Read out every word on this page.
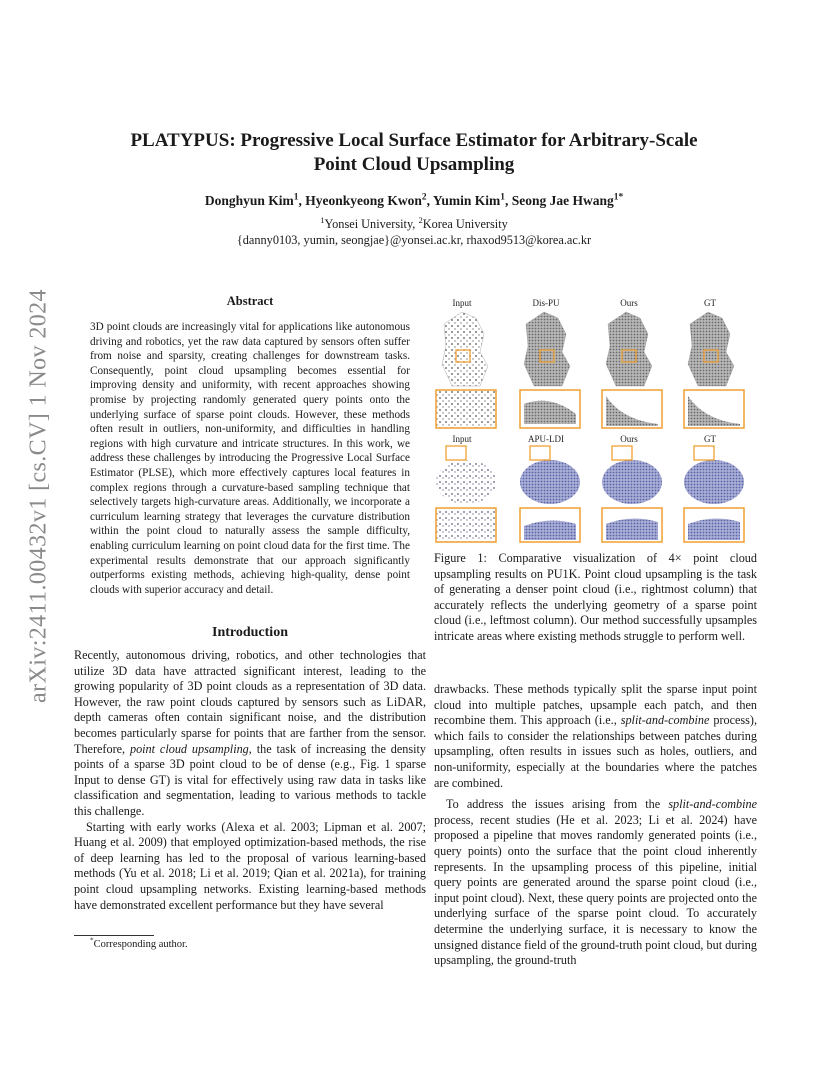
arXiv:2411.00432v1 [cs.CV] 1 Nov 2024
PLATYPUS: Progressive Local Surface Estimator for Arbitrary-Scale
Point Cloud Upsampling
Donghyun Kim$^1$, Hyeonkyeong Kwon$^2$, Yumin Kim$^1$, Seong Jae Hwang$^{1*}$
$^1$Yonsei University, $^2$Korea University
{danny0103, yumin, seongjae}@yonsei.ac.kr, rhaxod9513@korea.ac.kr
Abstract
3D point clouds are increasingly vital for applications like autonomous driving and robotics, yet the raw data captured by sensors often suffer from noise and sparsity, creating challenges for downstream tasks. Consequently, point cloud upsampling becomes essential for improving density and uniformity, with recent approaches showing promise by projecting randomly generated query points onto the underlying surface of sparse point clouds. However, these methods often result in outliers, non-uniformity, and difficulties in handling regions with high curvature and intricate structures. In this work, we address these challenges by introducing the Progressive Local Surface Estimator (PLSE), which more effectively captures local features in complex regions through a curvature-based sampling technique that selectively targets high-curvature areas. Additionally, we incorporate a curriculum learning strategy that leverages the curvature distribution within the point cloud to naturally assess the sample difficulty, enabling curriculum learning on point cloud data for the first time. The experimental results demonstrate that our approach significantly outperforms existing methods, achieving high-quality, dense point clouds with superior accuracy and detail.
Introduction

Recently, autonomous driving, robotics, and other technologies that utilize 3D data have attracted significant interest, leading to the growing popularity of 3D point clouds as a representation of 3D data. However, the raw point clouds captured by sensors such as LiDAR, depth cameras often contain significant noise, and the distribution becomes particularly sparse for points that are farther from the sensor. Therefore, point cloud upsampling, the task of increasing the density points of a sparse 3D point cloud to be of dense (e.g., Fig. 1 sparse Input to dense GT) is vital for effectively using raw data in tasks like classification and segmentation, leading to various methods to tackle this challenge.

Starting with early works (Alexa et al. 2003; Lipman et al. 2007; Huang et al. 2009) that employed optimization-based methods, the rise of deep learning has led to the proposal of various learning-based methods (Yu et al. 2018; Li et al. 2019; Qian et al. 2021a), for training point cloud upsampling networks. Existing learning-based methods have demonstrated excellent performance but they have several

*Corresponding author.
Input	Dis-PU	Ours	GT
Input	APU-LDI	Ours	GT
Figure 1: Comparative visualization of 4× point cloud upsampling results on PU1K. Point cloud upsampling is the task of generating a denser point cloud (i.e., rightmost column) that accurately reflects the underlying geometry of a sparse point cloud (i.e., leftmost column). Our method successfully upsamples intricate areas where existing methods struggle to perform well.

drawbacks. These methods typically split the sparse input point cloud into multiple patches, upsample each patch, and then recombine them. This approach (i.e., split-and-combine process), which fails to consider the relationships between patches during upsampling, often results in issues such as holes, outliers, and non-uniformity, especially at the boundaries where the patches are combined.

To address the issues arising from the split-and-combine process, recent studies (He et al. 2023; Li et al. 2024) have proposed a pipeline that moves randomly generated points (i.e., query points) onto the surface that the point cloud inherently represents. In the upsampling process of this pipeline, initial query points are generated around the sparse point cloud (i.e., input point cloud). Next, these query points are projected onto the underlying surface of the sparse point cloud. To accurately determine the underlying surface, it is necessary to know the unsigned distance field of the ground-truth point cloud, but during upsampling, the ground-truth
